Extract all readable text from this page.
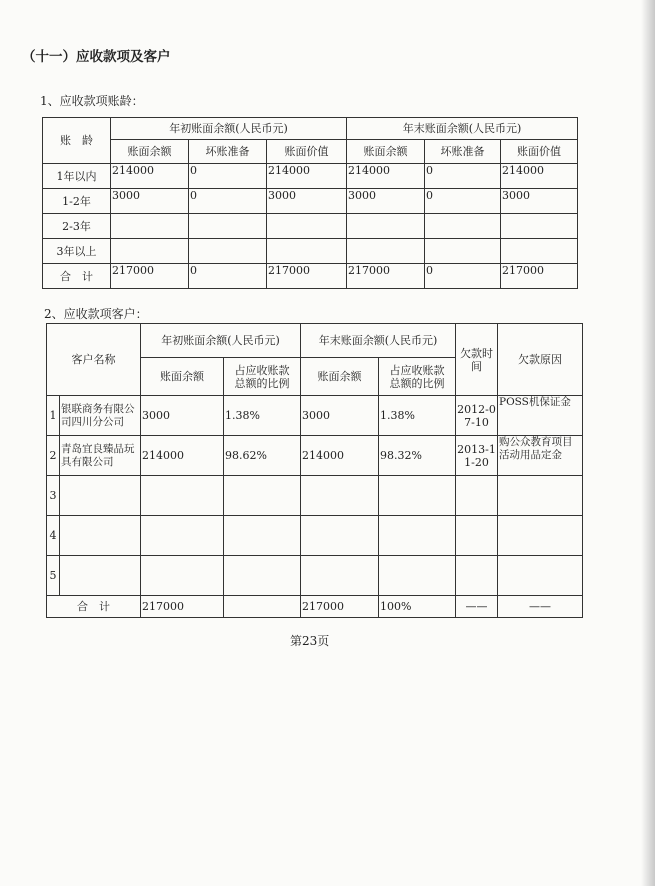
（十一）应收款项及客户
1、应收款项账龄：
账　龄	年初账面余额(人民币元)			年末账面余额(人民币元)		
	账面余额	坏账准备	账面价值	账面余额	坏账准备	账面价值
1年以内	214000	0	214000	214000	0	214000
1-2年	3000	0	3000	3000	0	3000
2-3年						
3年以上						
合　计	217000	0	217000	217000	0	217000
2、应收款项客户：
客户名称		年初账面余额(人民币元)		年末账面余额(人民币元)		欠款时间	欠款原因
		账面余额	占应收账款总额的比例	账面余额	占应收账款总额的比例		
1	银联商务有限公司四川分公司	3000	1.38%	3000	1.38%	2012-07-10	POSS机保证金
2	青岛宜良臻品玩具有限公司	214000	98.62%	214000	98.32%	2013-11-20	购公众教育项目活动用品定金
3							
4							
5							
合　计		217000		217000	100%	——	——
第23页
